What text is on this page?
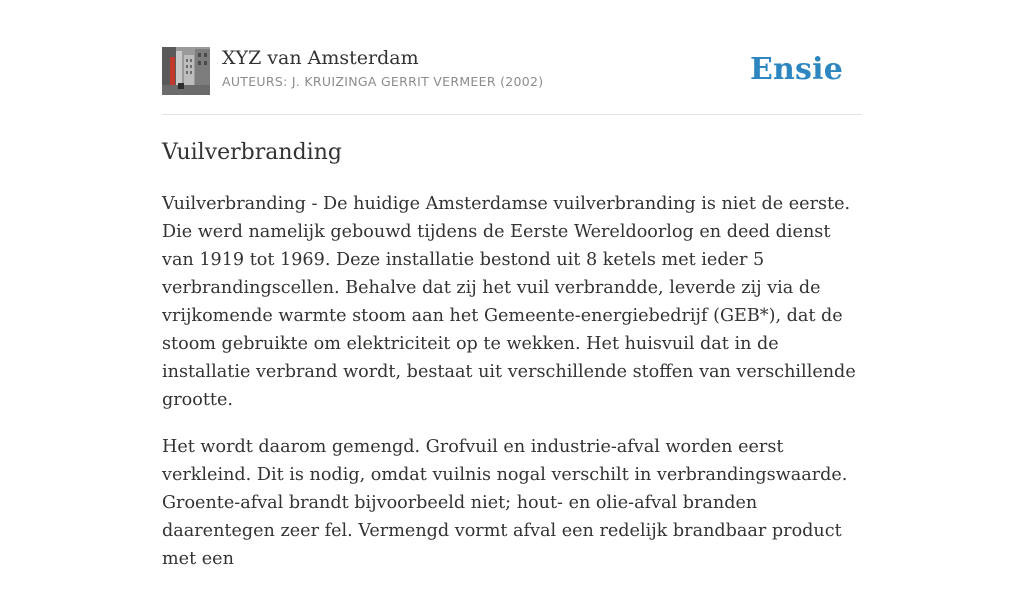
XYZ van Amsterdam
AUTEURS: J. KRUIZINGA GERRIT VERMEER (2002)	Ensie
Vuilverbranding

Vuilverbranding - De huidige Amsterdamse vuilverbranding is niet de eerste. Die werd namelijk gebouwd tijdens de Eerste Wereldoorlog en deed dienst van 1919 tot 1969. Deze installatie bestond uit 8 ketels met ieder 5 verbrandingscellen. Behalve dat zij het vuil verbrandde, leverde zij via de vrijkomende warmte stoom aan het Gemeente-energiebedrijf (GEB*), dat de stoom gebruikte om elektriciteit op te wekken. Het huisvuil dat in de installatie verbrand wordt, bestaat uit verschillende stoffen van verschillende grootte.

Het wordt daarom gemengd. Grofvuil en industrie-afval worden eerst verkleind. Dit is nodig, omdat vuilnis nogal verschilt in verbrandingswaarde. Groente-afval brandt bijvoorbeeld niet; hout- en olie-afval branden daarentegen zeer fel. Vermengd vormt afval een redelijk brandbaar product met een
